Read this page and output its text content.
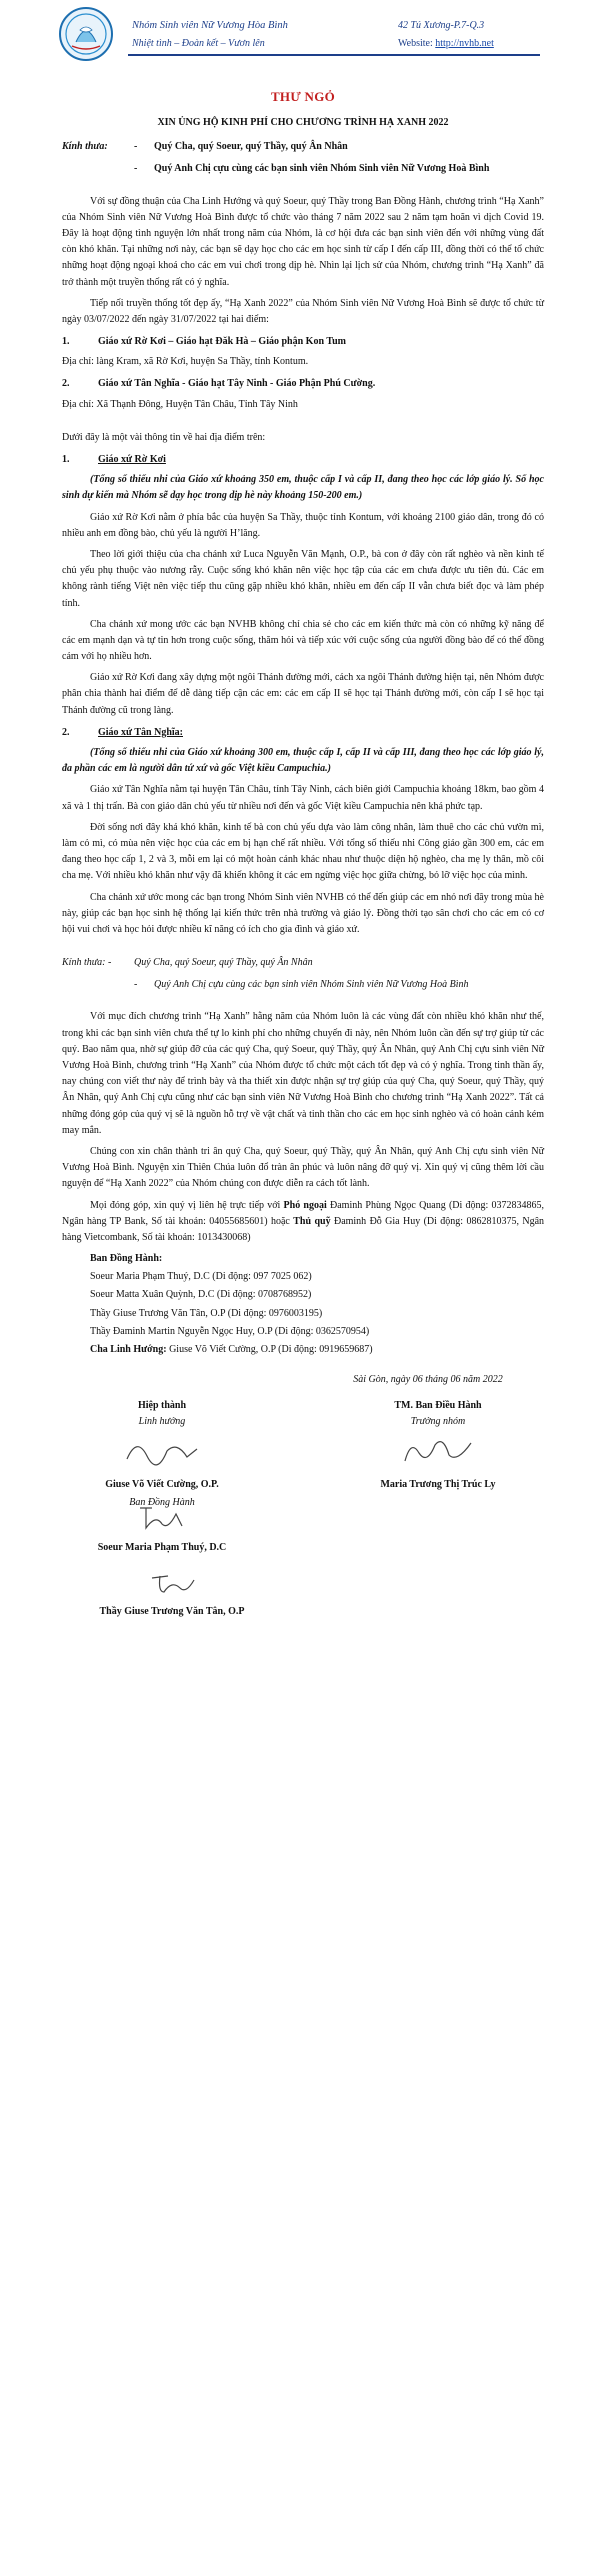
Nhóm Sinh viên Nữ Vương Hòa Bình
Nhiệt tình – Đoàn kết – Vươn lên
42 Tú Xương-P.7-Q.3
Website: http://nvhb.net
THƯ NGỎ
XIN ỦNG HỘ KINH PHÍ CHO CHƯƠNG TRÌNH HẠ XANH 2022
Kính thưa:	-	Quý Cha, quý Soeur, quý Thầy, quý Ân Nhân
-	Quý Anh Chị cựu cùng các bạn sinh viên Nhóm Sinh viên Nữ Vương Hoà Bình

Với sự đồng thuận của Cha Linh Hướng và quý Soeur, quý Thầy trong Ban Đồng Hành, chương trình “Hạ Xanh” của Nhóm Sinh viên Nữ Vương Hoà Bình được tổ chức vào tháng 7 năm 2022 sau 2 năm tạm hoãn vì dịch Covid 19. Đây là hoạt động tình nguyện lớn nhất trong năm của Nhóm, là cơ hội đưa các bạn sinh viên đến với những vùng đất còn khó khăn. Tại những nơi này, các bạn sẽ dạy học cho các em học sinh từ cấp I đến cấp III, đồng thời có thể tổ chức những hoạt động ngoại khoá cho các em vui chơi trong dịp hè. Nhìn lại lịch sử của Nhóm, chương trình “Hạ Xanh” đã trở thành một truyền thống rất có ý nghĩa.

Tiếp nối truyền thống tốt đẹp ấy, “Hạ Xanh 2022” của Nhóm Sinh viên Nữ Vương Hoà Bình sẽ được tổ chức từ ngày 03/07/2022 đến ngày 31/07/2022 tại hai điểm:

1.	Giáo xứ Rờ Kơi – Giáo hạt Đăk Hà – Giáo phận Kon Tum
Địa chỉ: làng Kram, xã Rờ Kơi, huyện Sa Thầy, tỉnh Kontum.
2.	Giáo xứ Tân Nghĩa - Giáo hạt Tây Ninh - Giáo Phận Phú Cường.
Địa chỉ: Xã Thạnh Đông, Huyện Tân Châu, Tỉnh Tây Ninh
Dưới đây là một vài thông tin về hai địa điểm trên:
1.	Giáo xứ Rờ Kơi

(Tổng số thiếu nhi của Giáo xứ khoảng 350 em, thuộc cấp I và cấp II, đang theo học các lớp giáo lý. Số học sinh dự kiến mà Nhóm sẽ dạy học trong dịp hè này khoảng 150-200 em.)

Giáo xứ Rờ Kơi nằm ở phía bắc của huyện Sa Thầy, thuộc tỉnh Kontum, với khoảng 2100 giáo dân, trong đó có nhiều anh em đồng bào, chủ yếu là người H’lăng.

Theo lời giới thiệu của cha chánh xứ Luca Nguyễn Văn Mạnh, O.P., bà con ở đây còn rất nghèo và nền kinh tế chủ yếu phụ thuộc vào nương rẫy. Cuộc sống khó khăn nên việc học tập của các em chưa được ưu tiên đủ. Các em không rành tiếng Việt nên việc tiếp thu cũng gặp nhiều khó khăn, nhiều em đến cấp II vẫn chưa biết đọc và làm phép tính.

Cha chánh xứ mong ước các bạn NVHB không chỉ chia sẻ cho các em kiến thức mà còn có những kỹ năng để các em mạnh dạn và tự tin hơn trong cuộc sống, thăm hỏi và tiếp xúc với cuộc sống của người đồng bào để có thể đồng cảm với họ nhiều hơn.

Giáo xứ Rờ Kơi đang xây dựng một ngôi Thánh đường mới, cách xa ngôi Thánh đường hiện tại, nên Nhóm được phân chia thành hai điểm để dễ dàng tiếp cận các em: các em cấp II sẽ học tại Thánh đường mới, còn cấp I sẽ học tại Thánh đường cũ trong làng.

2.	Giáo xứ Tân Nghĩa:

(Tổng số thiếu nhi của Giáo xứ khoảng 300 em, thuộc cấp I, cấp II và cấp III, đang theo học các lớp giáo lý, đa phần các em là người dân tứ xứ và gốc Việt kiều Campuchia.)

Giáo xứ Tân Nghĩa nằm tại huyện Tân Châu, tỉnh Tây Ninh, cách biên giới Campuchia khoảng 18km, bao gồm 4 xã và 1 thị trấn. Bà con giáo dân chủ yếu từ nhiều nơi đến và gốc Việt kiều Campuchia nên khá phức tạp.

Đời sống nơi đây khá khó khăn, kinh tế bà con chủ yếu dựa vào làm công nhân, làm thuê cho các chủ vườn mì, làm cỏ mì, có mùa nên việc học của các em bị hạn chế rất nhiều. Với tổng số thiếu nhi Công giáo gần 300 em, các em đang theo học cấp 1, 2 và 3, mỗi em lại có một hoàn cảnh khác nhau như thuộc diện hộ nghèo, cha mẹ ly thân, mồ côi cha mẹ. Với nhiều khó khăn như vậy đã khiến không ít các em ngừng việc học giữa chừng, bỏ lỡ việc học của mình.

Cha chánh xứ ước mong các bạn trong Nhóm Sinh viên NVHB có thể đến giúp các em nhỏ nơi đây trong mùa hè này, giúp các bạn học sinh hệ thống lại kiến thức trên nhà trường và giáo lý. Đồng thời tạo sân chơi cho các em có cơ hội vui chơi và học hỏi được nhiều kĩ năng có ích cho gia đình và giáo xứ.

Kính thưa: -	Quý Cha, quý Soeur, quý Thầy, quý Ân Nhân
-	Quý Anh Chị cựu cùng các bạn sinh viên Nhóm Sinh viên Nữ Vương Hoà Bình

Với mục đích chương trình “Hạ Xanh” hằng năm của Nhóm luôn là các vùng đất còn nhiều khó khăn như thế, trong khi các bạn sinh viên chưa thể tự lo kinh phí cho những chuyến đi này, nên Nhóm luôn cần đến sự trợ giúp từ các quý. Bao năm qua, nhờ sự giúp đỡ của các quý Cha, quý Soeur, quý Thầy, quý Ân Nhân, quý Anh Chị cựu sinh viên Nữ Vương Hoà Bình, chương trình “Hạ Xanh” của Nhóm được tổ chức một cách tốt đẹp và có ý nghĩa. Trong tinh thần ấy, nay chúng con viết thư này để trình bày và tha thiết xin được nhận sự trợ giúp của quý Cha, quý Soeur, quý Thầy, quý Ân Nhân, quý Anh Chị cựu cũng như các bạn sinh viên Nữ Vương Hoà Bình cho chương trình “Hạ Xanh 2022”. Tất cả những đóng góp của quý vị sẽ là nguồn hỗ trợ về vật chất và tinh thần cho các em học sinh nghèo và có hoàn cảnh kém may mắn.

Chúng con xin chân thành tri ân quý Cha, quý Soeur, quý Thầy, quý Ân Nhân, quý Anh Chị cựu sinh viên Nữ Vương Hoà Bình. Nguyện xin Thiên Chúa luôn đổ tràn ân phúc và luôn nâng đỡ quý vị. Xin quý vị cũng thêm lời cầu nguyện để “Hạ Xanh 2022” của Nhóm chúng con được diễn ra cách tốt lành.

Mọi đóng góp, xin quý vị liên hệ trực tiếp với Phó ngoại Đaminh Phùng Ngọc Quang (Di động: 0372834865, Ngân hàng TP Bank, Số tài khoản: 04055685601) hoặc Thủ quỹ Đaminh Đỗ Gia Huy (Di động: 0862810375, Ngân hàng Vietcombank, Số tài khoản: 1013430068)

Ban Đồng Hành:
Soeur Maria Phạm Thuý, D.C (Di động: 097 7025 062)
Soeur Matta Xuân Quỳnh, D.C (Di động: 0708768952)
Thầy Giuse Trương Văn Tân, O.P (Di động: 0976003195)
Thầy Đaminh Martin Nguyễn Ngọc Huy, O.P (Di động: 0362570954)
Cha Linh Hướng: Giuse Võ Viết Cường, O.P (Di động: 0919659687)
Sài Gòn, ngày 06 tháng 06 năm 2022
Hiệp thành
Linh hướng
Giuse Võ Viết Cường, O.P.
Ban Đồng Hành
TM. Ban Điều Hành
Trưởng nhóm
Maria Trương Thị Trúc Ly
Soeur Maria Phạm Thuý, D.C
Thầy Giuse Trương Văn Tân, O.P
